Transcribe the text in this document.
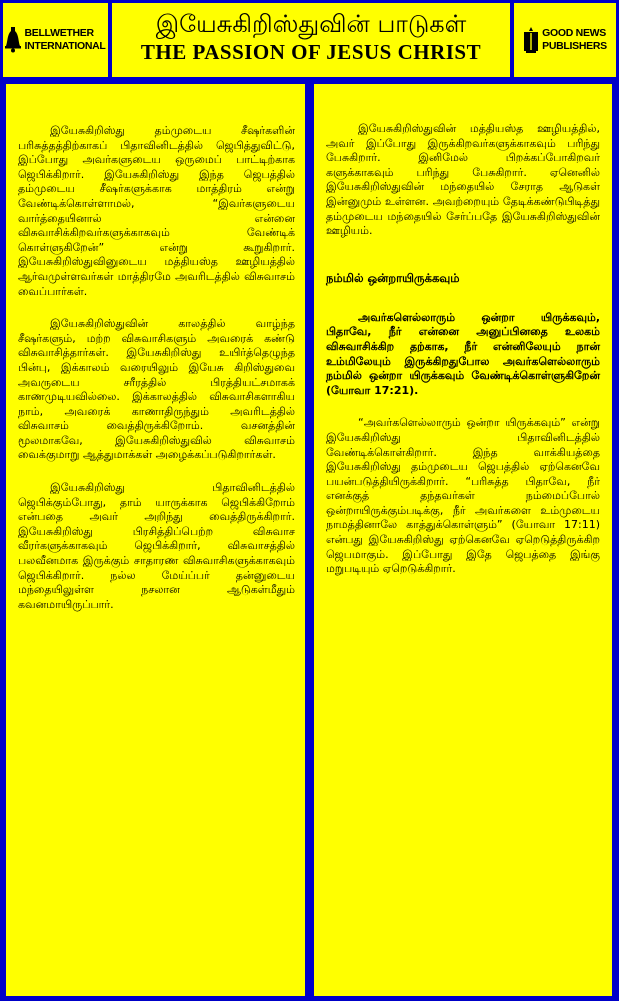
BELLWETHER
INTERNATIONAL
இயேசுகிறிஸ்துவின் பாடுகள்
THE PASSION OF JESUS CHRIST
GOOD NEWS
PUBLISHERS

இயேசுகிறிஸ்து தம்முடைய சீஷர்களின் பரிசுத்தத்திற்காகப் பிதாவினிடத்தில் ஜெபித்துவிட்டு, இப்போது அவர்களுடைய ஒருமைப் பாட்டிற்காக ஜெபிக்கிறார். இயேசுகிறிஸ்து இந்த ஜெபத்தில் தம்முடைய சீஷர்களுக்காக மாத்திரம் என்று வேண்டிக்கொள்ளாமல், “இவர்களுடைய வார்த்தையினால் என்னை விசுவாசிக்கிறவர்களுக்காகவும் வேண்டிக் கொள்ளுகிறேன்” என்று கூறுகிறார். இயேசுகிறிஸ்துவினுடைய மத்தியஸ்த ஊழியத்தில் ஆர்வமுள்ளவர்கள் மாத்திரமே அவரிடத்தில் விசுவாசம் வைப்பார்கள்.

இயேசுகிறிஸ்துவின் காலத்தில் வாழ்ந்த சீஷர்களும், மற்ற விசுவாசிகளும் அவரைக் கண்டு விசுவாசித்தார்கள். இயேசுகிறிஸ்து உயிர்த்தெழுந்த பின்பு, இக்காலம் வரையிலும் இயேசு கிறிஸ்துவை அவருடைய சரீரத்தில் பிரத்தியட்சமாகக் காணமுடியவில்லை. இக்காலத்தில் விசுவாசிகளாகிய நாம், அவரைக் காணாதிருந்தும் அவரிடத்தில் விசுவாசம் வைத்திருக்கிறோம். வசனத்தின் மூலமாகவே, இயேசுகிறிஸ்துவில் விசுவாசம் வைக்குமாறு ஆத்துமாக்கள் அழைக்கப்படுகிறார்கள்.

இயேசுகிறிஸ்து பிதாவினிடத்தில் ஜெபிக்கும்போது, தாம் யாருக்காக ஜெபிக்கிறோம் என்பதை அவர் அறிந்து வைத்திருக்கிறார். இயேசுகிறிஸ்து பிரசித்திப்பெற்ற விசுவாச வீரர்களுக்காகவும் ஜெபிக்கிறார், விசுவாசத்தில் பலவீனமாக இருக்கும் சாதாரண விசுவாசிகளுக்காகவும் ஜெபிக்கிறார். நல்ல மேய்ப்பர் தன்னுடைய மந்தையிலுள்ள நசலான ஆடுகள்மீதும் கவனமாயிருப்பார்.

இயேசுகிறிஸ்துவின் மத்தியஸ்த ஊழியத்தில், அவர் இப்போது இருக்கிறவர்களுக்காகவும் பரிந்து பேசுகிறார். இனிமேல் பிறக்கப்போகிறவர் களுக்காகவும் பரிந்து பேசுகிறார். ஏனெனில் இயேசுகிறிஸ்துவின் மந்தையில் சேராத ஆடுகள் இன்னுமும் உள்ளன. அவற்றையும் தேடிக்கண்டுபிடித்து தம்முடைய மந்தையில் சேர்ப்பதே இயேசுகிறிஸ்துவின் ஊழியம்.

நம்மில் ஒன்றாயிருக்கவும்

அவர்களெல்லாரும் ஒன்றா யிருக்கவும், பிதாவே, நீர் என்னை அனுப்பினதை உலகம் விசுவாசிக்கிற தற்காக, நீர் என்னிலேயும் நான் உம்மிலேயும் இருக்கிறதுபோல அவர்களெல்லாரும் நம்மில் ஒன்றா யிருக்கவும் வேண்டிக்கொள்ளுகிறேன் (யோவா 17:21).

“அவர்களெல்லாரும் ஒன்றா யிருக்கவும்” என்று இயேசுகிறிஸ்து பிதாவினிடத்தில் வேண்டிக்கொள்கிறார். இந்த வாக்கியத்தை இயேசுகிறிஸ்து தம்முடைய ஜெபத்தில் ஏற்கெனவே பயன்படுத்தியிருக்கிறார். “பரிசுத்த பிதாவே, நீர் எனக்குத் தந்தவர்கள் நம்மைப்போல் ஒன்றாயிருக்கும்படிக்கு, நீர் அவர்களை உம்முடைய நாமத்தினாலே காத்துக்கொள்ளும்” (யோவா 17:11) என்பது இயேசுகிறிஸ்து ஏற்கெனவே ஏறெடுத்திருக்கிற ஜெபமாகும். இப்போது இதே ஜெபத்தை இங்கு மறுபடியும் ஏறெடுக்கிறார்.
